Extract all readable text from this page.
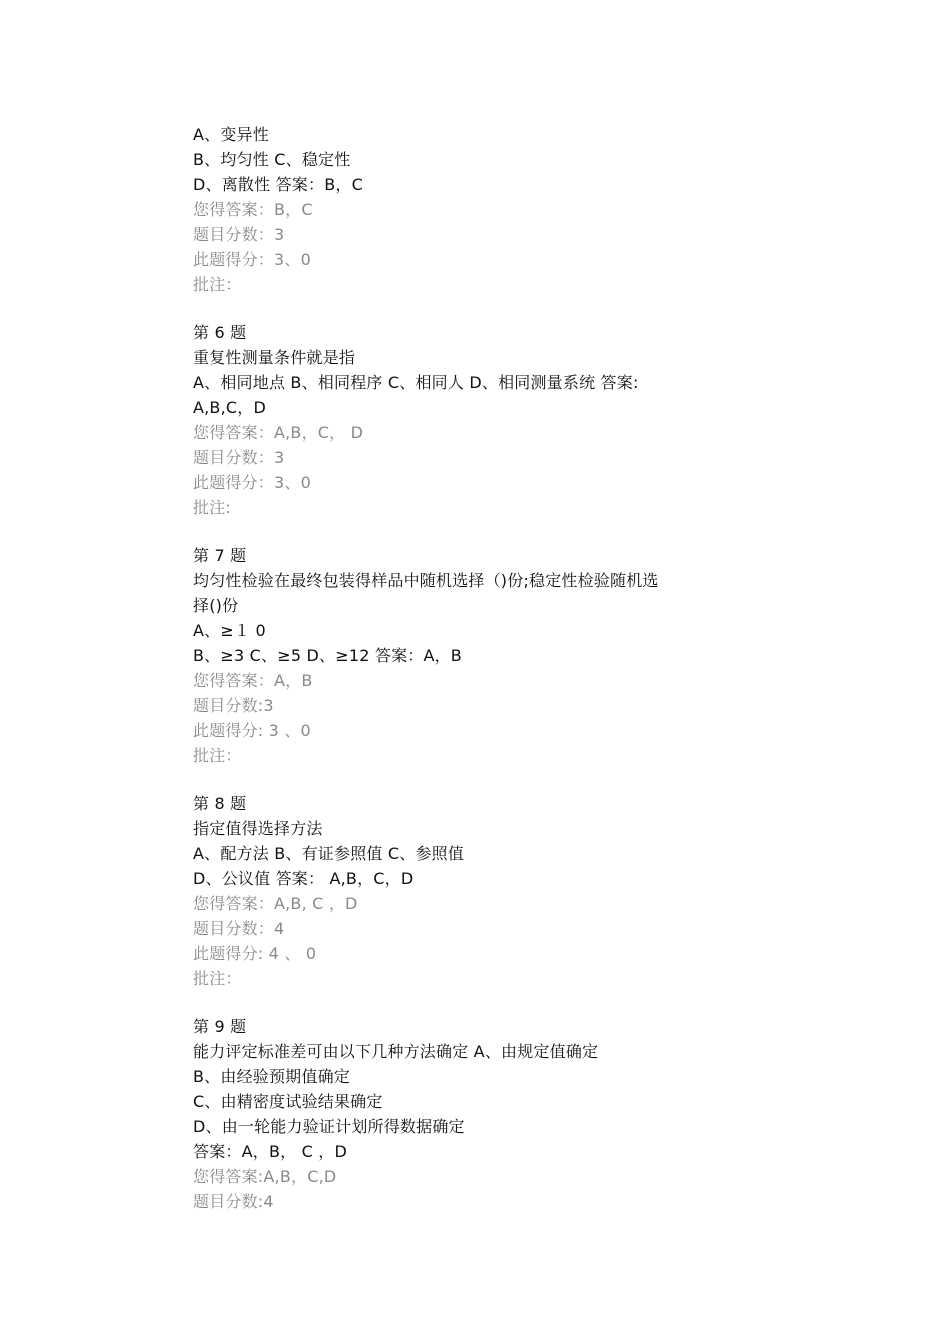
A、变异性
B、均匀性 C、稳定性
D、离散性 答案：B，C
您得答案：B，C
题目分数：3
此题得分：3、0
批注：
第 6 题
重复性测量条件就是指
A、相同地点 B、相同程序 C、相同人 D、相同测量系统 答案:
A,B,C，D
您得答案：A,B，C， D
题目分数：3
此题得分：3、0
批注:
第 7 题
均匀性检验在最终包装得样品中随机选择（)份;稳定性检验随机选
择()份
A、≥１ 0
B、≥3 C、≥5 D、≥12 答案：A，B
您得答案：A，B
题目分数:3
此题得分: 3 、0
批注：
第 8 题
指定值得选择方法
A、配方法 B、有证参照值 C、参照值
D、公议值 答案： A,B，C，D
您得答案：A,B, C ，D
题目分数：4
此题得分: 4 、 0
批注：
第 9 题
能力评定标准差可由以下几种方法确定 A、由规定值确定
B、由经验预期值确定
C、由精密度试验结果确定
D、由一轮能力验证计划所得数据确定
答案：A，B， C ，D
您得答案:A,B，C,D
题目分数:4
